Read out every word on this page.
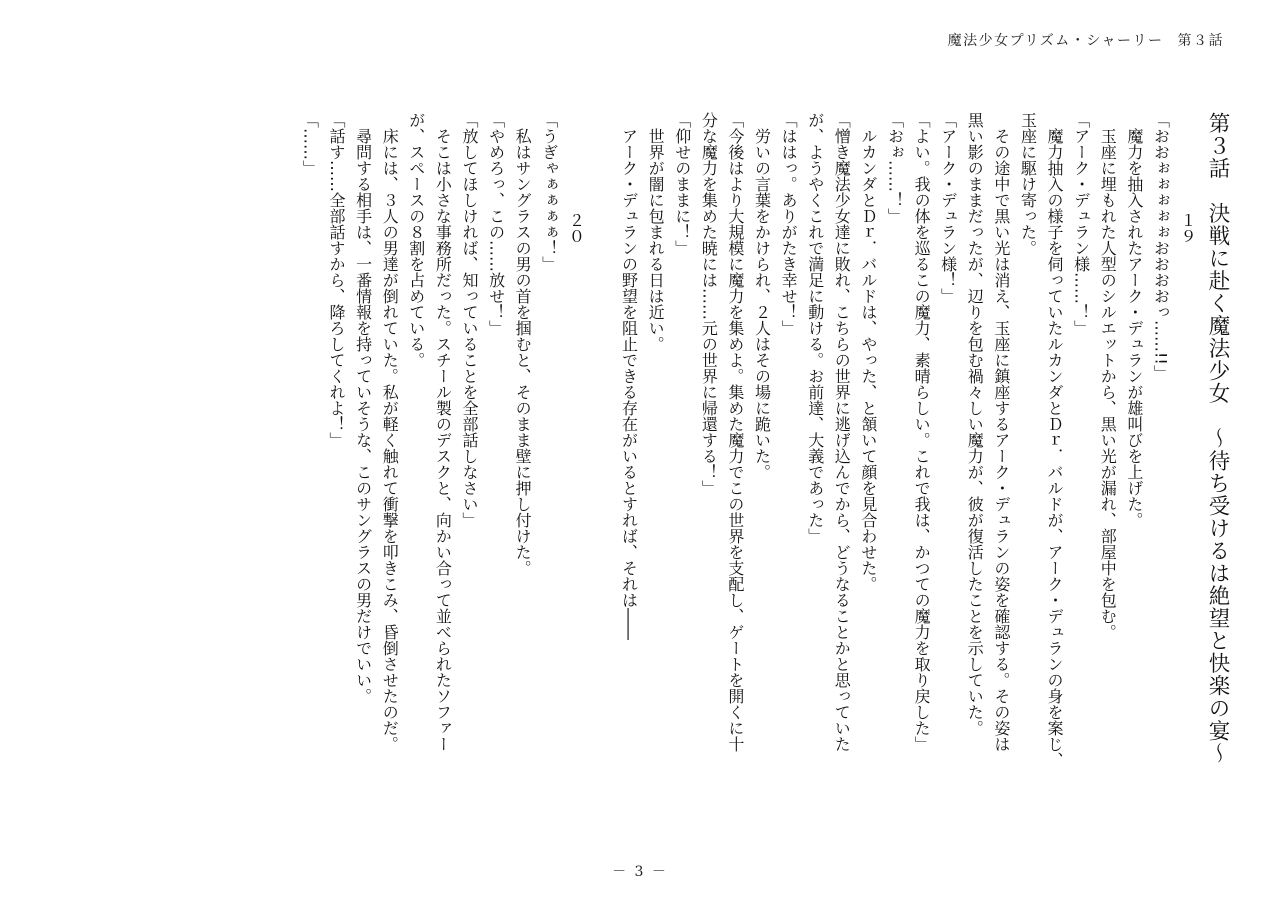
魔法少女プリズム・シャーリー 第３話
第３話　決戦に赴く魔法少女　～待ち受けるは絶望と快楽の宴～
１９
「おおぉぉぉぉぉおおおおっ……!!」
　魔力を抽入されたアーク・デュランが雄叫びを上げた。
　玉座に埋もれた人型のシルエットから、黒い光が漏れ、部屋中を包む。
「アーク・デュラン様……！」
　魔力抽入の様子を伺っていたルカンダとＤｒ．バルドが、アーク・デュランの身を案じ、
玉座に駆け寄った。
　その途中で黒い光は消え、玉座に鎮座するアーク・デュランの姿を確認する。その姿は
黒い影のままだったが、辺りを包む禍々しい魔力が、彼が復活したことを示していた。
「アーク・デュラン様！」
「よい。我の体を巡るこの魔力、素晴らしい。これで我は、かつての魔力を取り戻した」
「おぉ……！」
　ルカンダとＤｒ．バルドは、やった、と頷いて顔を見合わせた。
「憎き魔法少女達に敗れ、こちらの世界に逃げ込んでから、どうなることかと思っていた
が、ようやくこれで満足に動ける。お前達、大義であった」
「ははっ。ありがたき幸せ！」
　労いの言葉をかけられ、２人はその場に跪いた。
「今後はより大規模に魔力を集めよ。集めた魔力でこの世界を支配し、ゲートを開くに十
分な魔力を集めた暁には……元の世界に帰還する！」
「仰せのままに！」
　世界が闇に包まれる日は近い。
　アーク・デュランの野望を阻止できる存在がいるとすれば、それは――
２０
「うぎゃぁぁぁぁ！」
　私はサングラスの男の首を掴むと、そのまま壁に押し付けた。
「やめろっ、この……放せ！」
「放してほしければ、知っていることを全部話しなさい」
　そこは小さな事務所だった。スチール製のデスクと、向かい合って並べられたソファー
が、スペースの８割を占めている。
　床には、３人の男達が倒れていた。私が軽く触れて衝撃を叩きこみ、昏倒させたのだ。
　尋問する相手は、一番情報を持っていそうな、このサングラスの男だけでいい。
「話す……全部話すから、降ろしてくれよ！」
「……」
－ 3 －
